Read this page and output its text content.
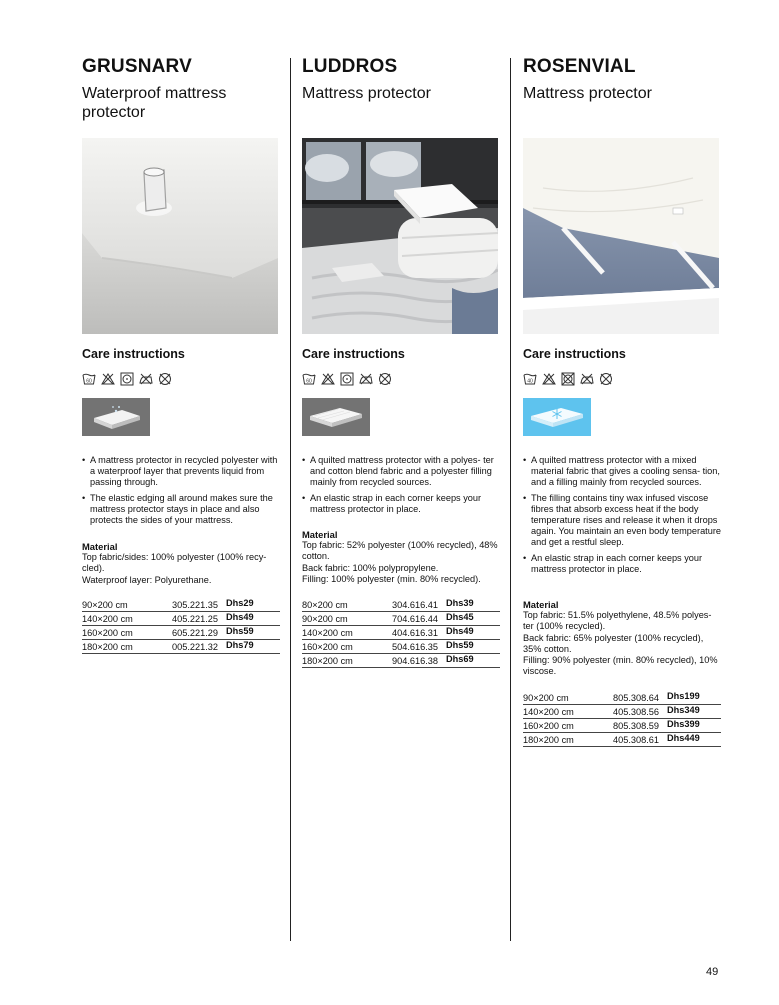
GRUSNARV
Waterproof mattress protector
Care instructions
60
• A mattress protector in recycled polyester with a waterproof layer that prevents liquid from passing through.
• The elastic edging all around makes sure the mattress protector stays in place and also protects the sides of your mattress.
Material
Top fabric/sides: 100% polyester (100% recy- cled).
Waterproof layer: Polyurethane.
90×200 cm	305.221.35 Dhs29
140×200 cm	405.221.25 Dhs49
160×200 cm	605.221.29 Dhs59
180×200 cm	005.221.32 Dhs79
LUDDROS
Mattress protector
Care instructions
60
• A quilted mattress protector with a polyes- ter and cotton blend fabric and a polyester filling mainly from recycled sources.
• An elastic strap in each corner keeps your mattress protector in place.
Material
Top fabric: 52% polyester (100% recycled), 48% cotton.
Back fabric: 100% polypropylene.
Filling: 100% polyester (min. 80% recycled).
80×200 cm	304.616.41 Dhs39
90×200 cm	704.616.44 Dhs45
140×200 cm	404.616.31 Dhs49
160×200 cm	504.616.35 Dhs59
180×200 cm	904.616.38 Dhs69
ROSENVIAL
Mattress protector
Care instructions
40
• A quilted mattress protector with a mixed material fabric that gives a cooling sensa- tion, and a filling mainly from recycled sources.
• The filling contains tiny wax infused viscose fibres that absorb excess heat if the body temperature rises and release it when it drops again. You maintain an even body temperature and get a restful sleep.
• An elastic strap in each corner keeps your mattress protector in place.
Material
Top fabric: 51.5% polyethylene, 48.5% polyes- ter (100% recycled).
Back fabric: 65% polyester (100% recycled), 35% cotton.
Filling: 90% polyester (min. 80% recycled), 10% viscose.
90×200 cm	805.308.64 Dhs199
140×200 cm	405.308.56 Dhs349
160×200 cm	805.308.59 Dhs399
180×200 cm	405.308.61 Dhs449
49
